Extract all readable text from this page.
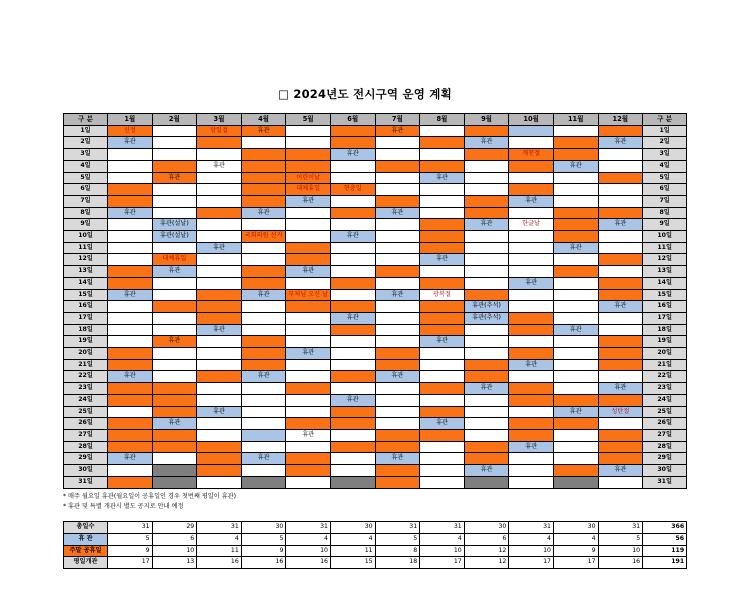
□ 2024년도 전시구역 운영 계획
구 분	1월	2월	3월	4월	5월	6월	7월	8월	9월	10월	11월	12월	구 분
1일	신정		삼일절	휴관			휴관						1일
2일	휴관								휴관			휴관	2일
3일						휴관				개천절			3일
4일			휴관								휴관		4일
5일		휴관			어린이날			휴관					5일
6일					대체휴일	현충일							6일
7일					휴관					휴관			7일
8일	휴관			휴관			휴관						8일
9일		휴관(설날)							휴관	한글날		휴관	9일
10일		휴관(설날)		국회의원 선거		휴관							10일
11일			휴관								휴관		11일
12일		대체휴일						휴관					12일
13일		휴관			휴관								13일
14일										휴관			14일
15일	휴관			휴관	부처님 오신 날		휴관	광복절					15일
16일									휴관(추석)			휴관	16일
17일						휴관			휴관(추석)				17일
18일			휴관								휴관		18일
19일		휴관						휴관					19일
20일					휴관								20일
21일										휴관			21일
22일	휴관			휴관			휴관						22일
23일									휴관			휴관	23일
24일						휴관							24일
25일			휴관								휴관	성탄절	25일
26일		휴관						휴관					26일
27일					휴관								27일
28일										휴관			28일
29일	휴관			휴관			휴관						29일
30일									휴관			휴관	30일
31일													31일
* 매주 월요일 휴관(월요일이 공휴일인 경우 첫번째 평일이 휴관)
* 휴관 및 특별 개관시 별도 공지로 안내 예정
총일수	31	29	31	30	31	30	31	31	30	31	30	31	366
휴 관	5	6	4	5	4	4	5	4	6	4	4	5	56
주말 공휴일	9	10	11	9	10	11	8	10	12	10	9	10	119
평일개관	17	13	16	16	16	15	18	17	12	17	17	16	191
